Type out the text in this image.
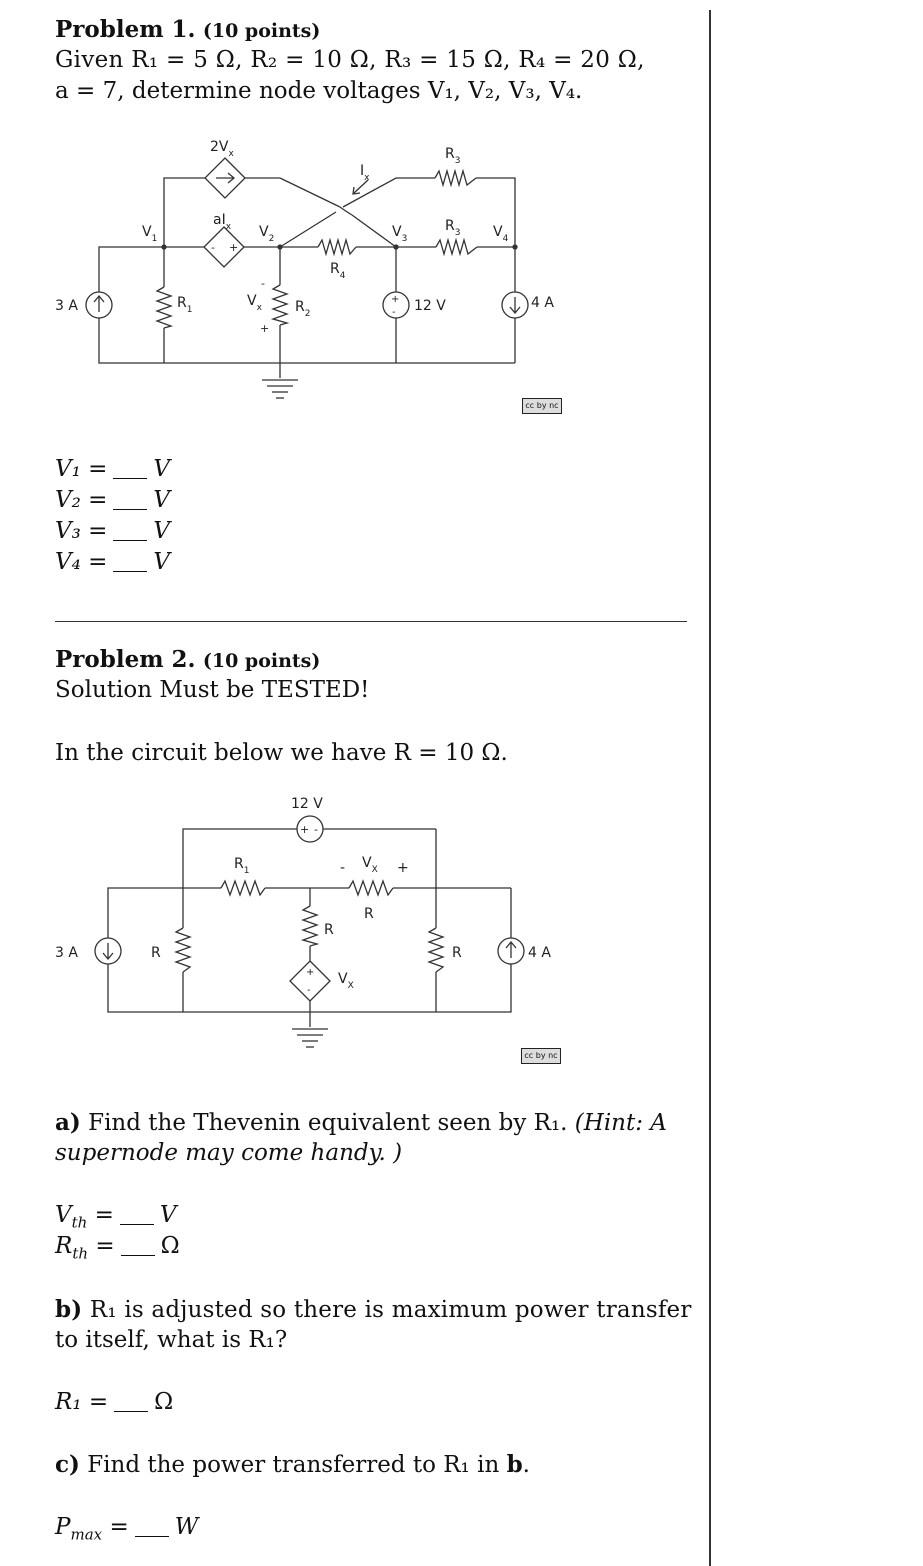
Problem 1. (10 points)
Given R₁ = 5 Ω, R₂ = 10 Ω, R₃ = 15 Ω, R₄ = 20 Ω,
a = 7, determine node voltages V₁, V₂, V₃, V₄.
$2V_x$
$aI_x$
- +
$I_x$
$R_3$
$R_3$
$R_4$
$R_1$	$R_2$
$V_x$
-
+
$V_1$	$V_2$	$V_3$	$V_4$
3 A	+
- 12 V	4 A
12 V
+ -
$R_1$	- $V_X$ +
R
R
+
-
$V_X$
3 A	R	R	4 A
cc by nc
cc by nc
V₁ = V
V₂ = V
V₃ = V
V₄ = V
Problem 2. (10 points)
Solution Must be TESTED!
In the circuit below we have R = 10 Ω.
a) Find the Thevenin equivalent seen by R₁. (Hint: A
supernode may come handy. )
$V_{th} = V$
$R_{th} = \Omega$
b) R₁ is adjusted so there is maximum power transfer
to itself, what is R₁?
R₁ = Ω
c) Find the power transferred to R₁ in b.
$P_{max} = W$
